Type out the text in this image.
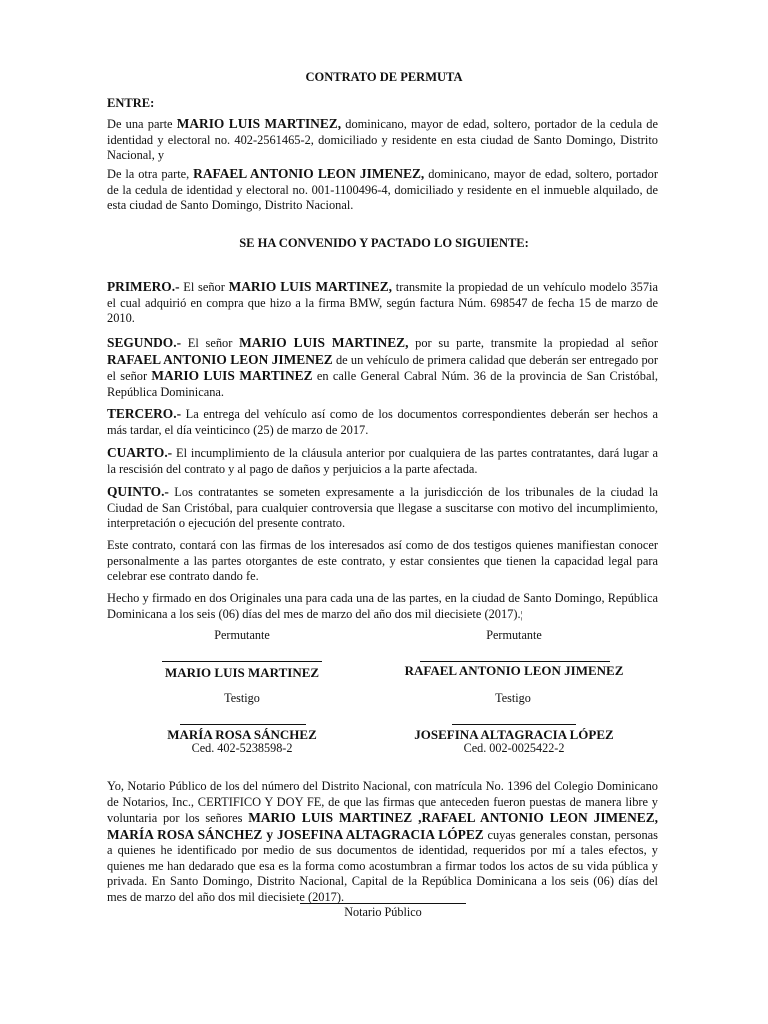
CONTRATO DE PERMUTA
ENTRE:
De una parte MARIO LUIS MARTINEZ, dominicano, mayor de edad, soltero, portador de la cedula de identidad y electoral no. 402-2561465-2, domiciliado y residente en esta ciudad de Santo Domingo, Distrito Nacional, y
De la otra parte, RAFAEL ANTONIO LEON JIMENEZ, dominicano, mayor de edad, soltero, portador de la cedula de identidad y electoral no. 001-1100496-4, domiciliado y residente en el inmueble alquilado, de esta ciudad de Santo Domingo, Distrito Nacional.
SE HA CONVENIDO Y PACTADO LO SIGUIENTE:
PRIMERO.- El señor MARIO LUIS MARTINEZ, transmite la propiedad de un vehículo modelo 357ia el cual adquirió en compra que hizo a la firma BMW, según factura Núm. 698547 de fecha 15 de marzo de 2010.
SEGUNDO.- El señor MARIO LUIS MARTINEZ, por su parte, transmite la propiedad al señor RAFAEL ANTONIO LEON JIMENEZ de un vehículo de primera calidad que deberán ser entregado por el señor MARIO LUIS MARTINEZ en calle General Cabral Núm. 36 de la provincia de San Cristóbal, República Dominicana.
TERCERO.- La entrega del vehículo así como de los documentos correspondientes deberán ser hechos a más tardar, el día veinticinco (25) de marzo de 2017.
CUARTO.- El incumplimiento de la cláusula anterior por cualquiera de las partes contratantes, dará lugar a la rescisión del contrato y al pago de daños y perjuicios a la parte afectada.
QUINTO.- Los contratantes se someten expresamente a la jurisdicción de los tribunales de la ciudad la Ciudad de San Cristóbal, para cualquier controversia que llegase a suscitarse con motivo del incumplimiento, interpretación o ejecución del presente contrato.
Este contrato, contará con las firmas de los interesados así como de dos testigos quienes manifiestan conocer personalmente a las partes otorgantes de este contrato, y estar consientes que tienen la capacidad legal para celebrar ese contrato dando fe.
Hecho y firmado en dos Originales una para cada una de las partes, en la ciudad de Santo Domingo, República Dominicana a los seis (06) días del mes de marzo del año dos mil diecisiete (2017).¦
Permutante	Permutante
MARIO LUIS MARTINEZ	RAFAEL ANTONIO LEON JIMENEZ
Testigo	Testigo
MARÍA ROSA SÁNCHEZ	JOSEFINA ALTAGRACIA LÓPEZ
Ced. 402-5238598-2	Ced. 002-0025422-2
Yo, Notario Público de los del número del Distrito Nacional, con matrícula No. 1396 del Colegio Dominicano de Notarios, Inc., CERTIFICO Y DOY FE, de que las firmas que anteceden fueron puestas de manera libre y voluntaria por los señores MARIO LUIS MARTINEZ ,RAFAEL ANTONIO LEON JIMENEZ, MARÍA ROSA SÁNCHEZ y JOSEFINA ALTAGRACIA LÓPEZ cuyas generales constan, personas a quienes he identificado por medio de sus documentos de identidad, requeridos por mí a tales efectos, y quienes me han dedarado que esa es la forma como acostumbran a firmar todos los actos de su vida pública y privada. En Santo Domingo, Distrito Nacional, Capital de la República Dominicana a los seis (06) días del mes de marzo del año dos mil diecisiete (2017).
Notario Público
